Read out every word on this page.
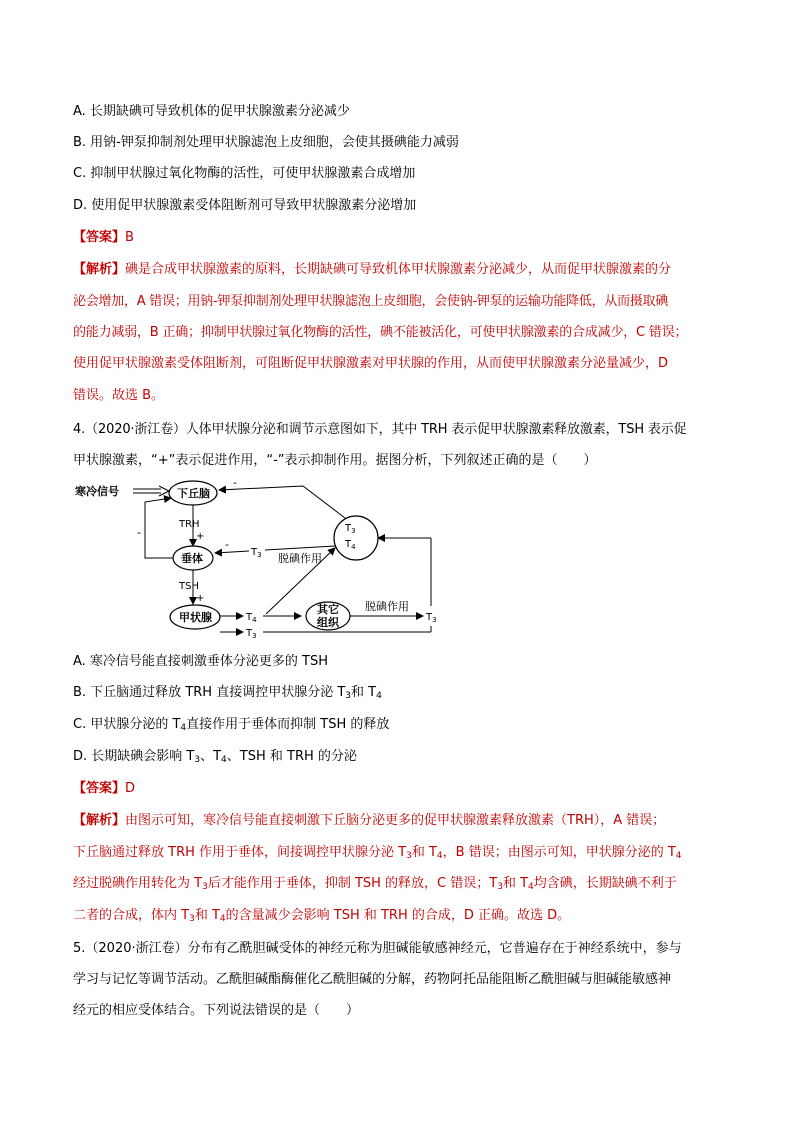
A. 长期缺碘可导致机体的促甲状腺激素分泌减少
B. 用钠-钾泵抑制剂处理甲状腺滤泡上皮细胞，会使其摄碘能力减弱
C. 抑制甲状腺过氧化物酶的活性，可使甲状腺激素合成增加
D. 使用促甲状腺激素受体阻断剂可导致甲状腺激素分泌增加
【答案】B
【解析】碘是合成甲状腺激素的原料，长期缺碘可导致机体甲状腺激素分泌减少，从而促甲状腺激素的分
泌会增加，A 错误；用钠-钾泵抑制剂处理甲状腺滤泡上皮细胞，会使钠-钾泵的运输功能降低，从而摄取碘
的能力减弱，B 正确；抑制甲状腺过氧化物酶的活性，碘不能被活化，可使甲状腺激素的合成减少，C 错误；
使用促甲状腺激素受体阻断剂，可阻断促甲状腺激素对甲状腺的作用，从而使甲状腺激素分泌量减少，D
错误。故选 B。
4.（2020·浙江卷）人体甲状腺分泌和调节示意图如下，其中 TRH 表示促甲状腺激素释放激素，TSH 表示促
甲状腺激素，“+”表示促进作用，“-”表示抑制作用。据图分析，下列叙述正确的是（　　）
寒冷信号	下丘脑
TRH
+
垂体
-
TSH
+
甲状腺	$T_4$
$T_3$
其它
组织
脱碘作用
$T_3$
$T_3$
$T_4$
脱碘作用
$T_3$
-
-
A. 寒冷信号能直接刺激垂体分泌更多的 TSH
B. 下丘脑通过释放 TRH 直接调控甲状腺分泌 $T_3$和 $T_4$
C. 甲状腺分泌的 $T_4$直接作用于垂体而抑制 TSH 的释放
D. 长期缺碘会影响 $T_3$、$T_4$、TSH 和 TRH 的分泌
【答案】D
【解析】由图示可知，寒冷信号能直接刺激下丘脑分泌更多的促甲状腺激素释放激素（TRH），A 错误；
下丘脑通过释放 TRH 作用于垂体，间接调控甲状腺分泌 $T_3$和 $T_4$，B 错误；由图示可知，甲状腺分泌的 $T_4$
经过脱碘作用转化为 $T_3$后才能作用于垂体，抑制 TSH 的释放，C 错误；$T_3$和 $T_4$均含碘，长期缺碘不利于
二者的合成，体内 $T_3$和 $T_4$的含量减少会影响 TSH 和 TRH 的合成，D 正确。故选 D。
5.（2020·浙江卷）分布有乙酰胆碱受体的神经元称为胆碱能敏感神经元，它普遍存在于神经系统中，参与
学习与记忆等调节活动。乙酰胆碱酯酶催化乙酰胆碱的分解，药物阿托品能阻断乙酰胆碱与胆碱能敏感神
经元的相应受体结合。下列说法错误的是（　　）
